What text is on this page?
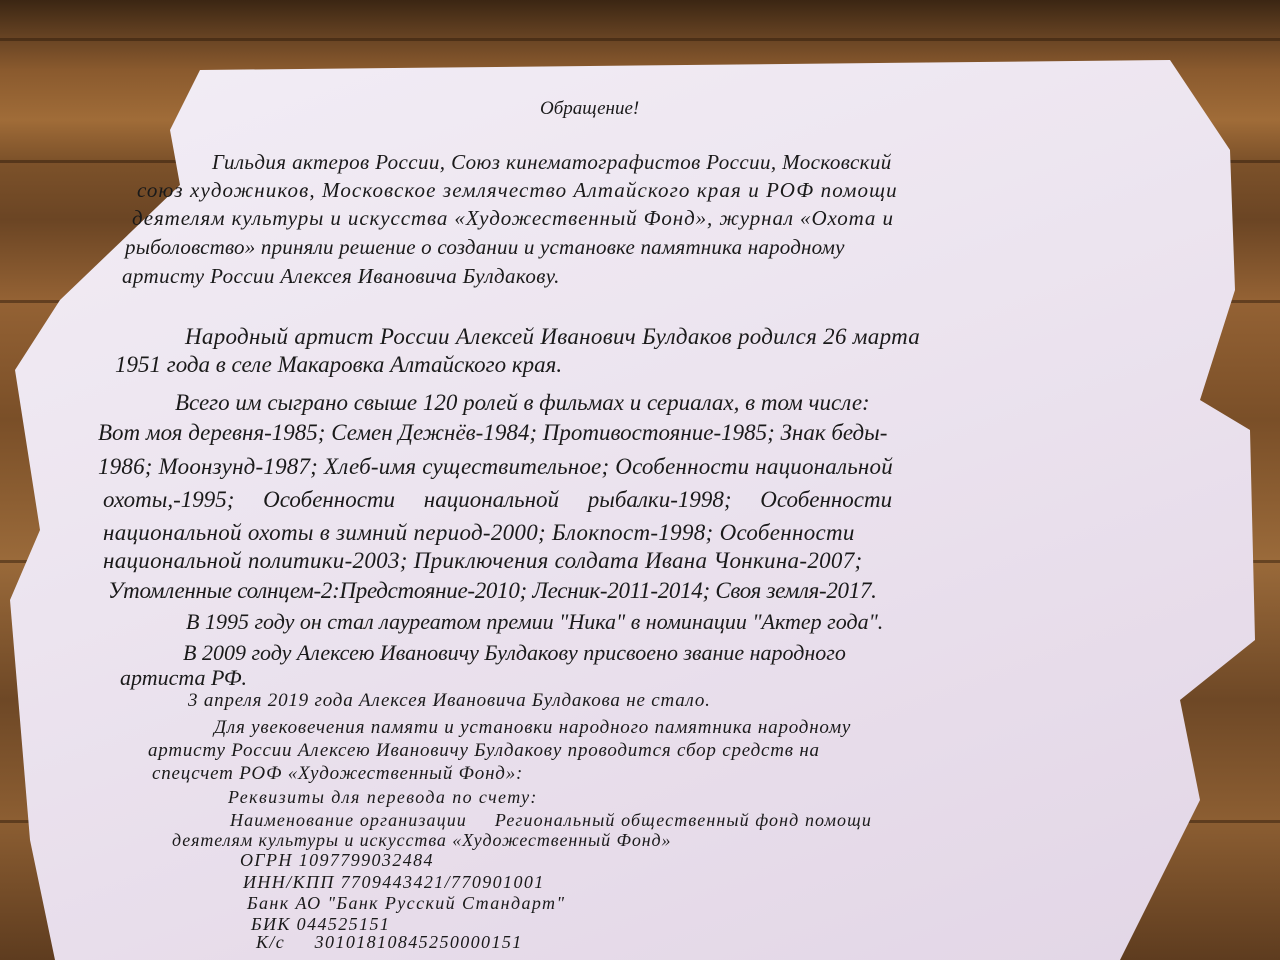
Обращение!
Гильдия актеров России, Союз кинематографистов России, Московский
союз художников, Московское землячество Алтайского края и РОФ помощи
деятелям культуры и искусства «Художественный Фонд», журнал «Охота и
рыболовство» приняли решение о создании и установке памятника народному
артисту России Алексея Ивановича Булдакову.
Народный артист России Алексей Иванович Булдаков родился 26 марта
1951 года в селе Макаровка Алтайского края.
Всего им сыграно свыше 120 ролей в фильмах и сериалах, в том числе:
Вот моя деревня-1985; Семен Дежнёв-1984; Противостояние-1985; Знак беды-
1986; Моонзунд-1987; Хлеб-имя существительное; Особенности национальной
охоты,-1995;     Особенности     национальной     рыбалки-1998;     Особенности
национальной охоты в зимний период-2000; Блокпост-1998; Особенности
национальной политики-2003; Приключения солдата Ивана Чонкина-2007;
Утомленные солнцем-2:Предстояние-2010; Лесник-2011-2014; Своя земля-2017.
В 1995 году он стал лауреатом премии "Ника" в номинации "Актер года".
В 2009 году Алексею Ивановичу Булдакову присвоено звание народного
артиста РФ.
3 апреля 2019 года Алексея Ивановича Булдакова не стало.
Для увековечения памяти и установки народного памятника народному
артисту России Алексею Ивановичу Булдакову проводится сбор средств на
спецсчет РОФ «Художественный Фонд»:
Реквизиты для перевода по счету:
Наименование организации     Региональный общественный фонд помощи
деятелям культуры и искусства «Художественный Фонд»
ОГРН 1097799032484
ИНН/КПП 7709443421/770901001
Банк АО "Банк Русский Стандарт"
БИК 044525151
К/с     30101810845250000151
